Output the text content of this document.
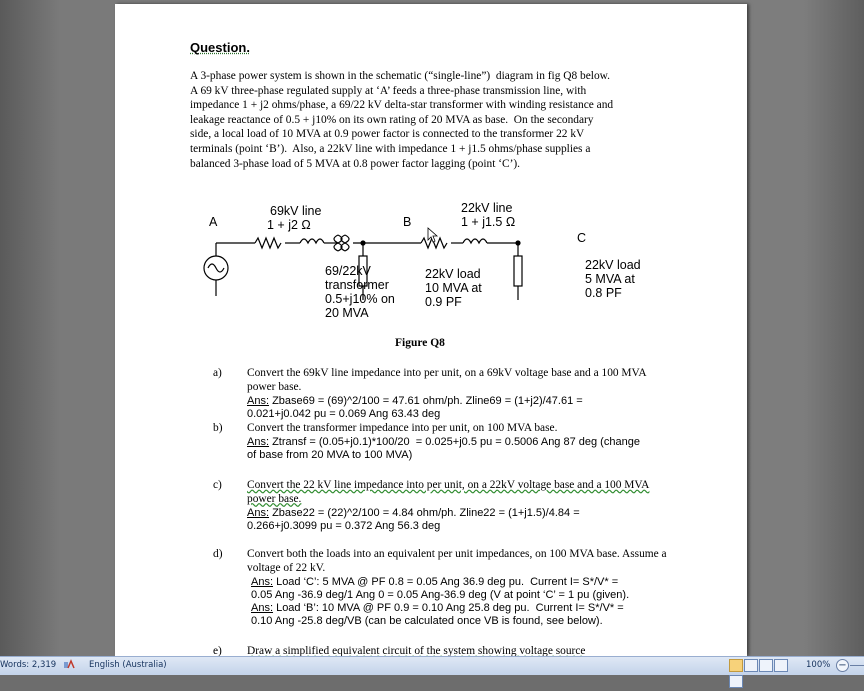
Question.
A 3-phase power system is shown in the schematic (“single-line”)  diagram in fig Q8 below.
A 69 kV three-phase regulated supply at ‘A’ feeds a three-phase transmission line, with
impedance 1 + j2 ohms/phase, a 69/22 kV delta-star transformer with winding resistance and
leakage reactance of 0.5 + j10% on its own rating of 20 MVA as base.  On the secondary
side, a local load of 10 MVA at 0.9 power factor is connected to the transformer 22 kV
terminals (point ‘B’).  Also, a 22kV line with impedance 1 + j1.5 ohms/phase supplies a
balanced 3-phase load of 5 MVA at 0.8 power factor lagging (point ‘C’).
A	B
C
69kV line
1 + j2 Ω
22kV line
1 + j1.5 Ω
69/22kV
transformer
0.5+j10% on
20 MVA
22kV load
10 MVA at
0.9 PF
22kV load
5 MVA at
0.8 PF
Figure Q8
a) Convert the 69kV line impedance into per unit, on a 69kV voltage base and a 100 MVA power base.
Ans: Zbase69 = (69)^2/100 = 47.61 ohm/ph. Zline69 = (1+j2)/47.61 =
0.021+j0.042 pu = 0.069 Ang 63.43 deg
b) Convert the transformer impedance into per unit, on 100 MVA base.
Ans: Ztransf = (0.05+j0.1)*100/20  = 0.025+j0.5 pu = 0.5006 Ang 87 deg (change
of base from 20 MVA to 100 MVA)
c) Convert the 22 kV line impedance into per unit, on a 22kV voltage base and a 100 MVA power base.
Ans: Zbase22 = (22)^2/100 = 4.84 ohm/ph. Zline22 = (1+j1.5)/4.84 =
0.266+j0.3099 pu = 0.372 Ang 56.3 deg
d) Convert both the loads into an equivalent per unit impedances, on 100 MVA base. Assume a voltage of 22 kV.
Ans: Load ‘C’: 5 MVA @ PF 0.8 = 0.05 Ang 36.9 deg pu.  Current I= S*/V* =
0.05 Ang -36.9 deg/1 Ang 0 = 0.05 Ang-36.9 deg (V at point ‘C’ = 1 pu (given).
Ans: Load ‘B’: 10 MVA @ PF 0.9 = 0.10 Ang 25.8 deg pu.  Current I= S*/V* =
0.10 Ang -25.8 deg/VB (can be calculated once VB is found, see below).
e) Draw a simplified equivalent circuit of the system showing voltage source
Words: 2,319	English (Australia)	100% −
